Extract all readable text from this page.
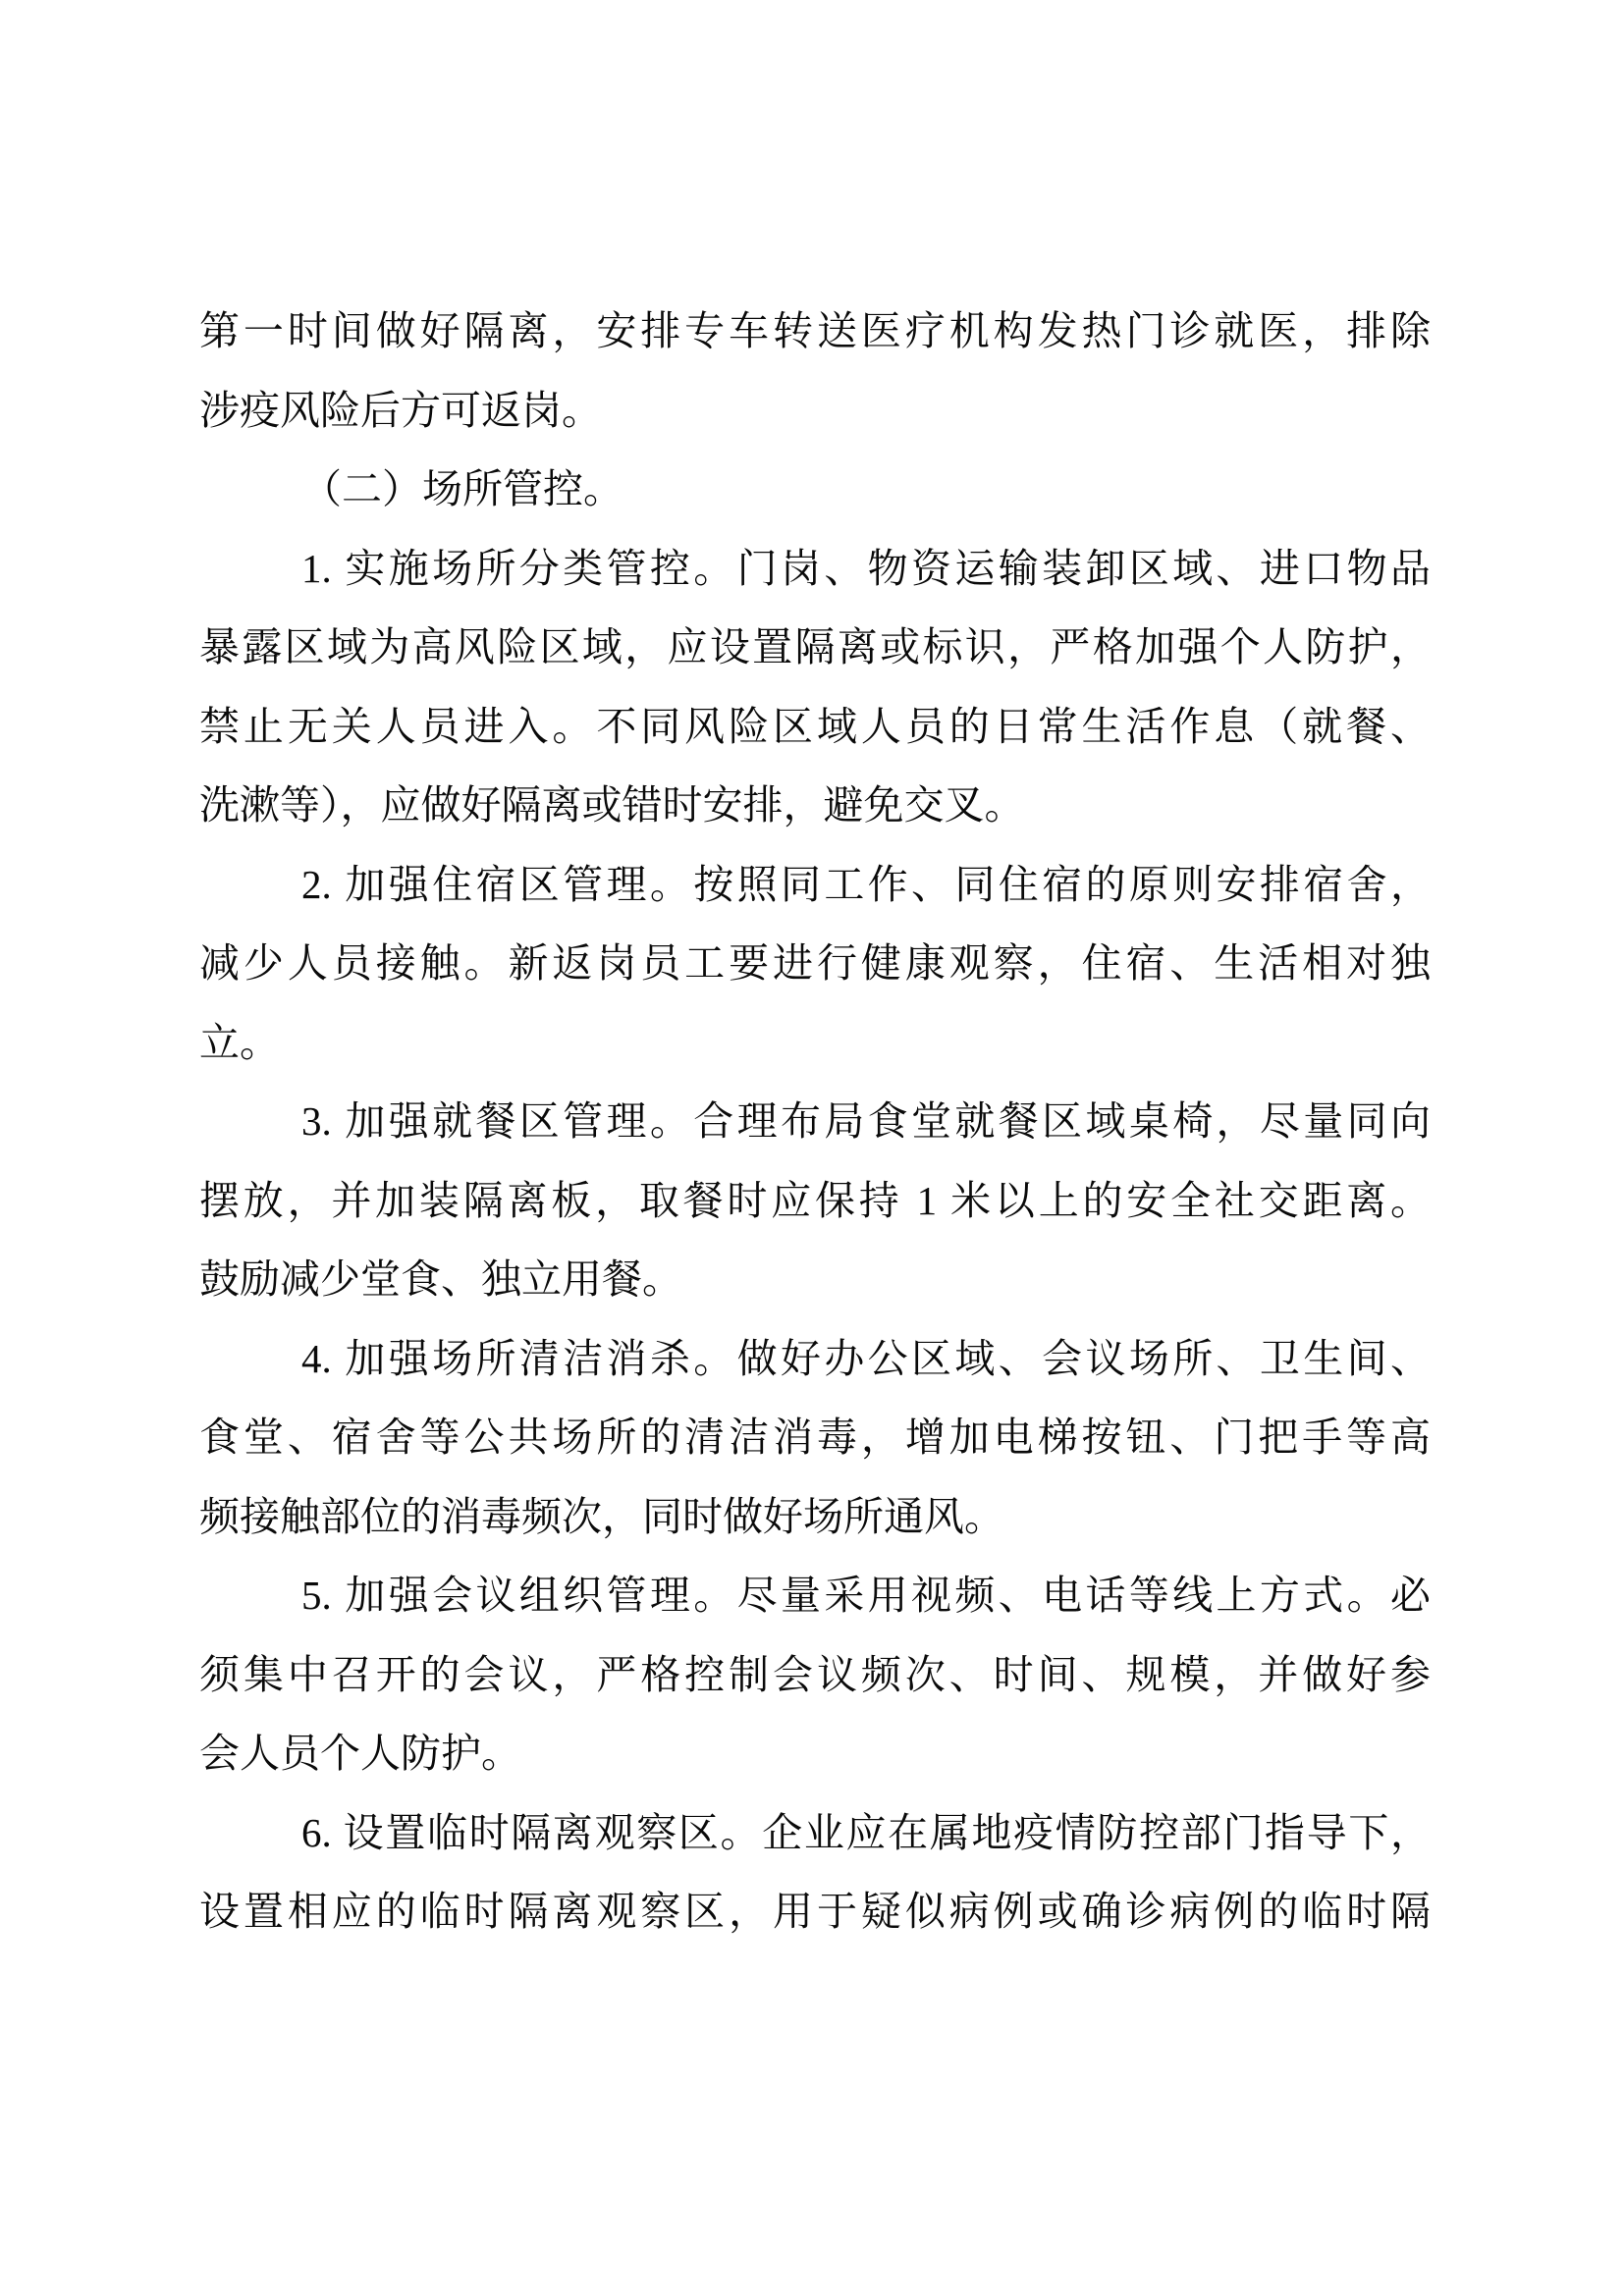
第一时间做好隔离，安排专车转送医疗机构发热门诊就医，排除
涉疫风险后方可返岗。
（二）场所管控。
1. 实施场所分类管控。门岗、物资运输装卸区域、进口物品
暴露区域为高风险区域，应设置隔离或标识，严格加强个人防护，
禁止无关人员进入。不同风险区域人员的日常生活作息（就餐、
洗漱等），应做好隔离或错时安排，避免交叉。
2. 加强住宿区管理。按照同工作、同住宿的原则安排宿舍，
减少人员接触。新返岗员工要进行健康观察，住宿、生活相对独
立。
3. 加强就餐区管理。合理布局食堂就餐区域桌椅，尽量同向
摆放，并加装隔离板，取餐时应保持 1 米以上的安全社交距离。
鼓励减少堂食、独立用餐。
4. 加强场所清洁消杀。做好办公区域、会议场所、卫生间、
食堂、宿舍等公共场所的清洁消毒，增加电梯按钮、门把手等高
频接触部位的消毒频次，同时做好场所通风。
5. 加强会议组织管理。尽量采用视频、电话等线上方式。必
须集中召开的会议，严格控制会议频次、时间、规模，并做好参
会人员个人防护。
6. 设置临时隔离观察区。企业应在属地疫情防控部门指导下，
设置相应的临时隔离观察区，用于疑似病例或确诊病例的临时隔
